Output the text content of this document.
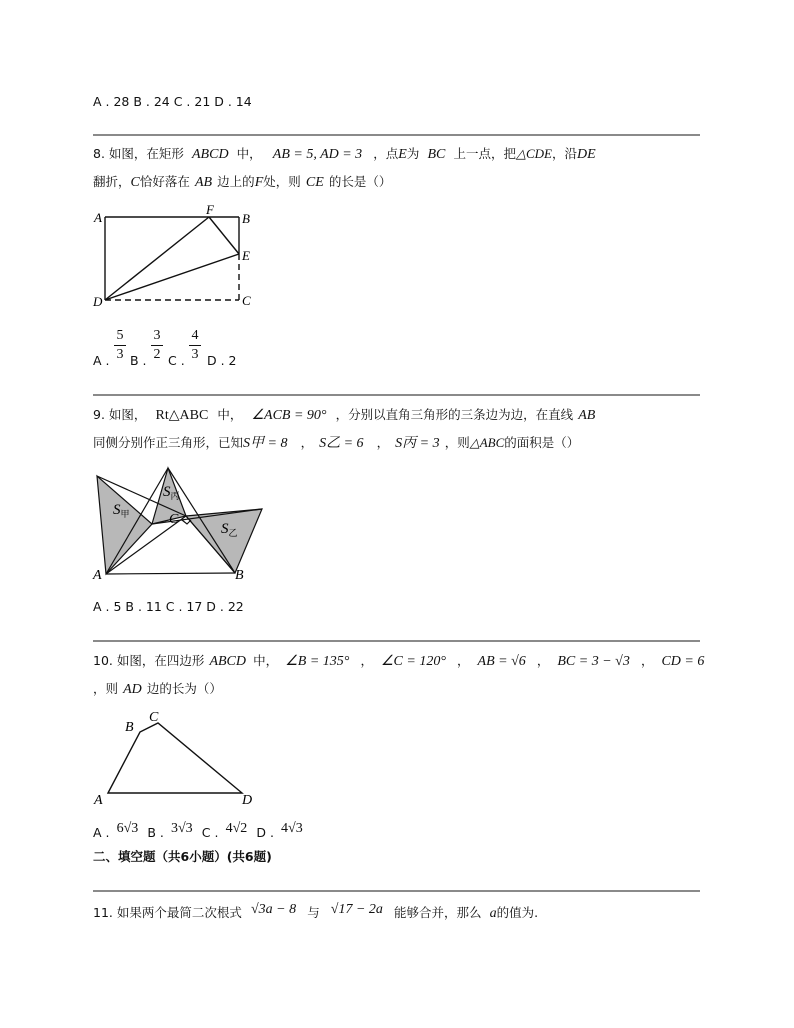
A . 28 B . 24 C . 21 D . 14
8. 如图，在矩形 ABCD 中， AB = 5, AD = 3 ，点E为 BC 上一点，把△CDE，沿DE
翻折，C恰好落在 AB 边上的F处，则 CE 的长是（）
A
F
B
E
D	C
A .
5
3 B .
3
2 C .
4
3 D . 2
9. 如图， Rt△ABC 中， ∠ACB = 90° ，分别以直角三角形的三条边为边，在直线 AB
同侧分别作正三角形，已知S甲 = 8 ， S乙 = 6 ， S丙 = 3 ，则△ABC的面积是（）
$S_甲$
$S_丙$
$S_乙$
C
A	B
A . 5 B . 11 C . 17 D . 22
10. 如图，在四边形 ABCD 中， ∠B = 135° ， ∠C = 120° ， AB = √6 ， BC = 3 − √3 ， CD = 6
，则 AD 边的长为（）
B
C
A	D
A . 6√3 B . 3√3 C . 4√2 D . 4√3
二、填空题（共6小题）(共6题)
11. 如果两个最简二次根式 √3a − 8 与 √17 − 2a 能够合并，那么 a的值为.
